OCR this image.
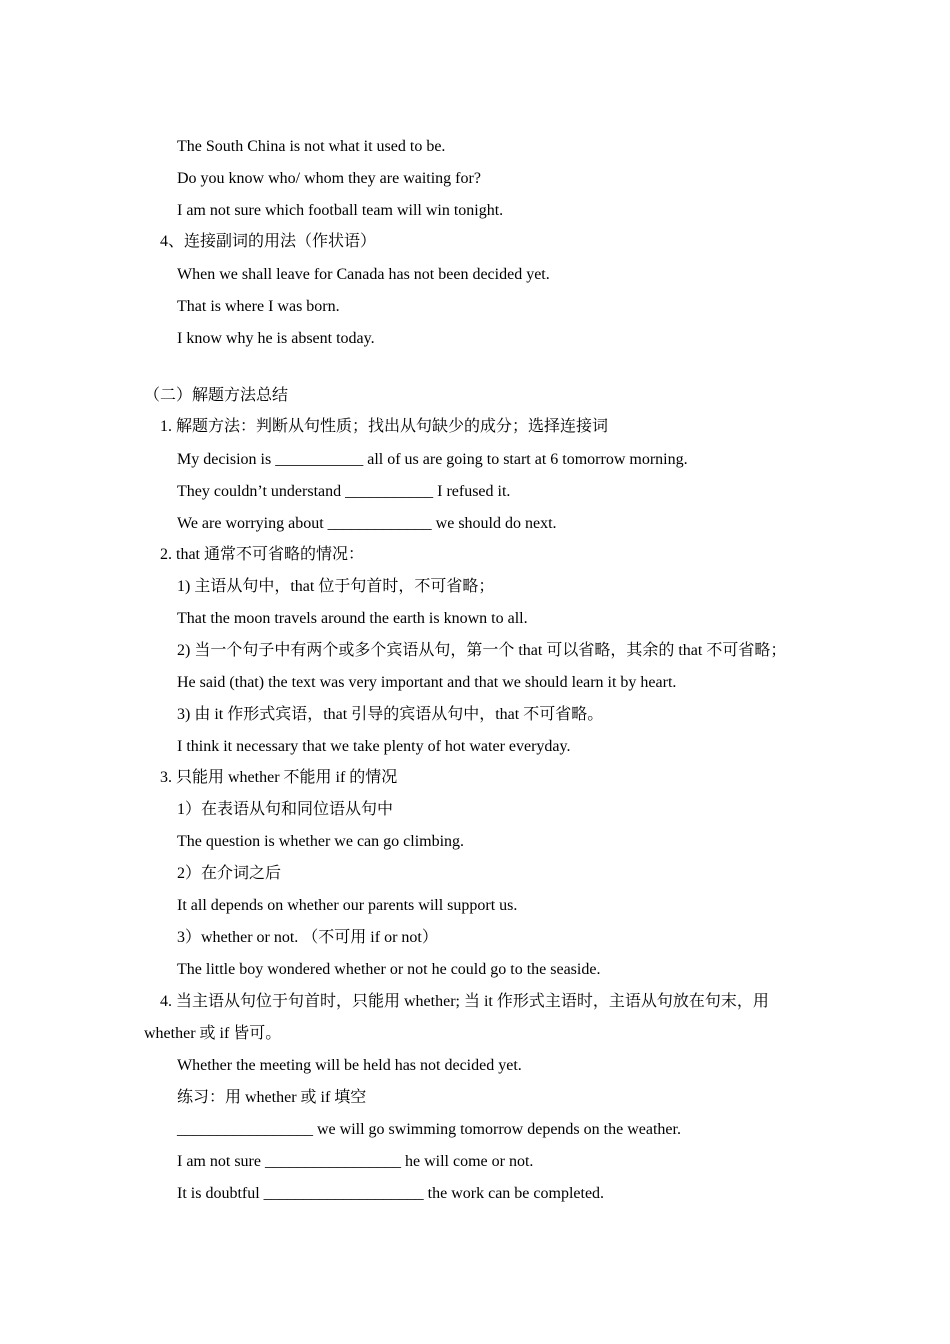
The South China is not what it used to be.

Do you know who/ whom they are waiting for?

I am not sure which football team will win tonight.

4、连接副词的用法（作状语）

When we shall leave for Canada has not been decided yet.

That is where I was born.

I know why he is absent today.

（二）解题方法总结

1. 解题方法：判断从句性质；找出从句缺少的成分；选择连接词

My decision is ___________ all of us are going to start at 6 tomorrow morning.

They couldn’t understand ___________ I refused it.

We are worrying about _____________ we should do next.

2. that 通常不可省略的情况：

1) 主语从句中，that 位于句首时，不可省略；

That the moon travels around the earth is known to all.

2) 当一个句子中有两个或多个宾语从句，第一个 that 可以省略，其余的 that 不可省略；

He said (that) the text was very important and that we should learn it by heart.

3) 由 it 作形式宾语，that 引导的宾语从句中，that 不可省略。

I think it necessary that we take plenty of hot water everyday.

3. 只能用 whether 不能用 if 的情况

1）在表语从句和同位语从句中

The question is whether we can go climbing.

2）在介词之后

It all depends on whether our parents will support us.

3）whether or not. （不可用 if or not）

The little boy wondered whether or not he could go to the seaside.

4. 当主语从句位于句首时，只能用 whether; 当 it 作形式主语时，主语从句放在句末，用

whether 或 if 皆可。

Whether the meeting will be held has not decided yet.

练习：用 whether 或 if 填空

_________________ we will go swimming tomorrow depends on the weather.

I am not sure _________________ he will come or not.

It is doubtful ____________________ the work can be completed.
